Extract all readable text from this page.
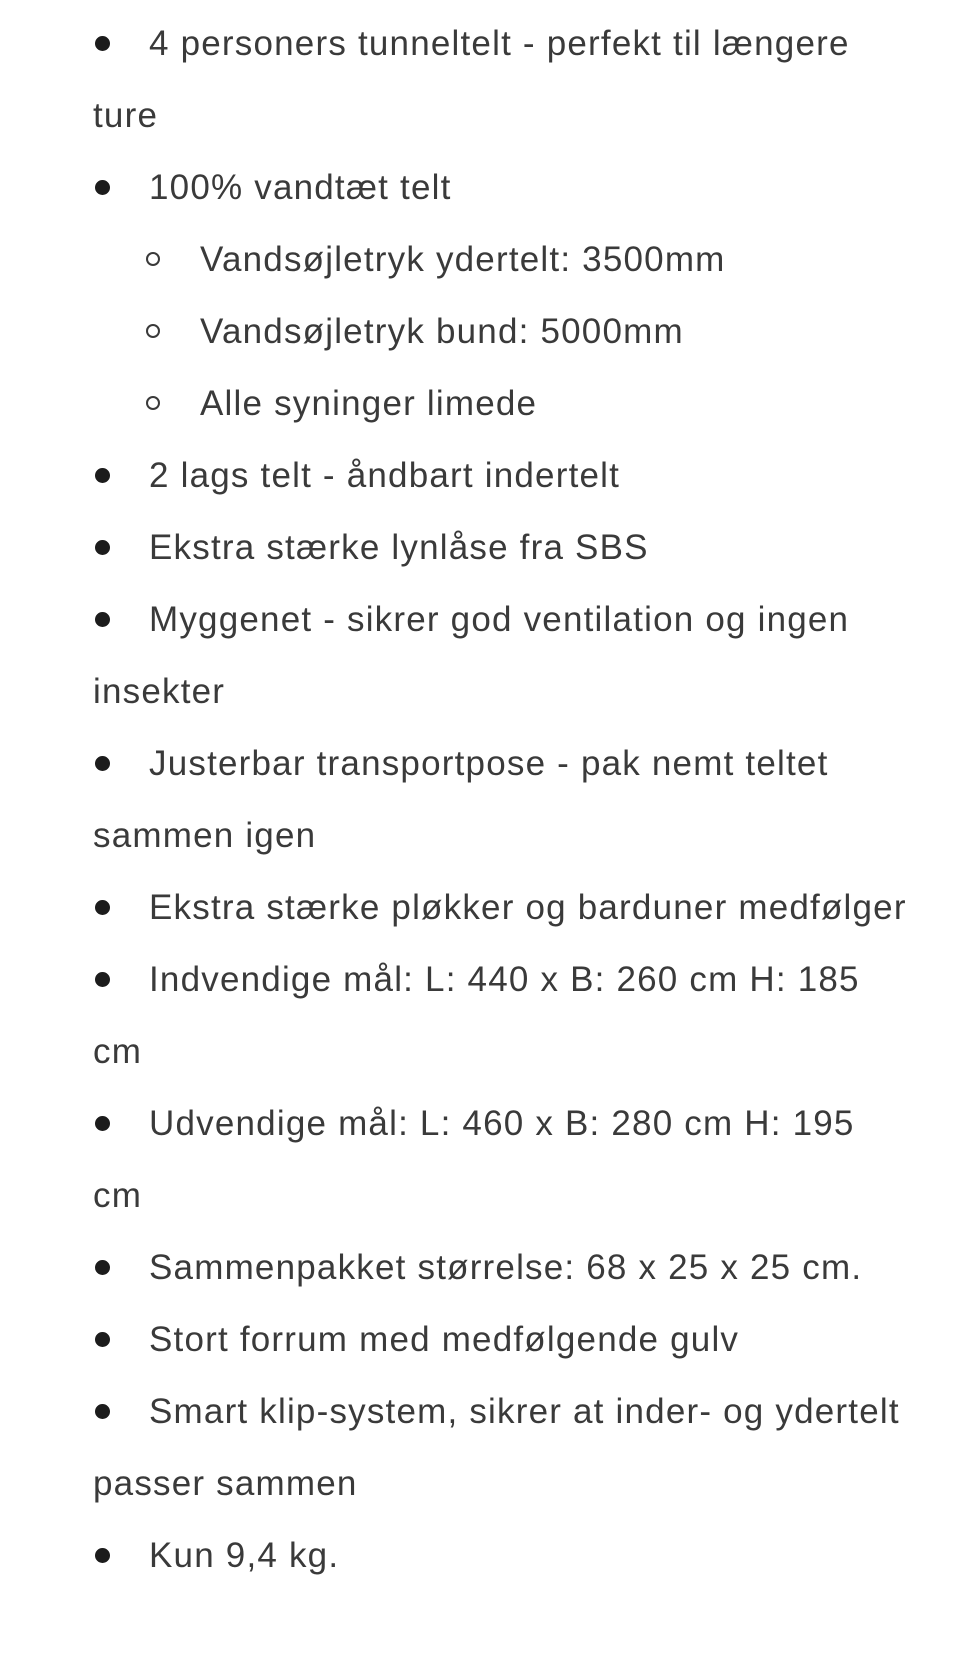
4 personers tunneltelt - perfekt til længere ture
100% vandtæt telt
Vandsøjletryk ydertelt: 3500mm
Vandsøjletryk bund: 5000mm
Alle syninger limede
2 lags telt - åndbart indertelt
Ekstra stærke lynlåse fra SBS
Myggenet - sikrer god ventilation og ingen insekter
Justerbar transportpose - pak nemt teltet sammen igen
Ekstra stærke pløkker og barduner medfølger
Indvendige mål: L: 440 x B: 260 cm H: 185 cm
Udvendige mål: L: 460 x B: 280 cm H: 195 cm
Sammenpakket størrelse: 68 x 25 x 25 cm.
Stort forrum med medfølgende gulv
Smart klip-system, sikrer at inder- og ydertelt passer sammen
Kun 9,4 kg.
